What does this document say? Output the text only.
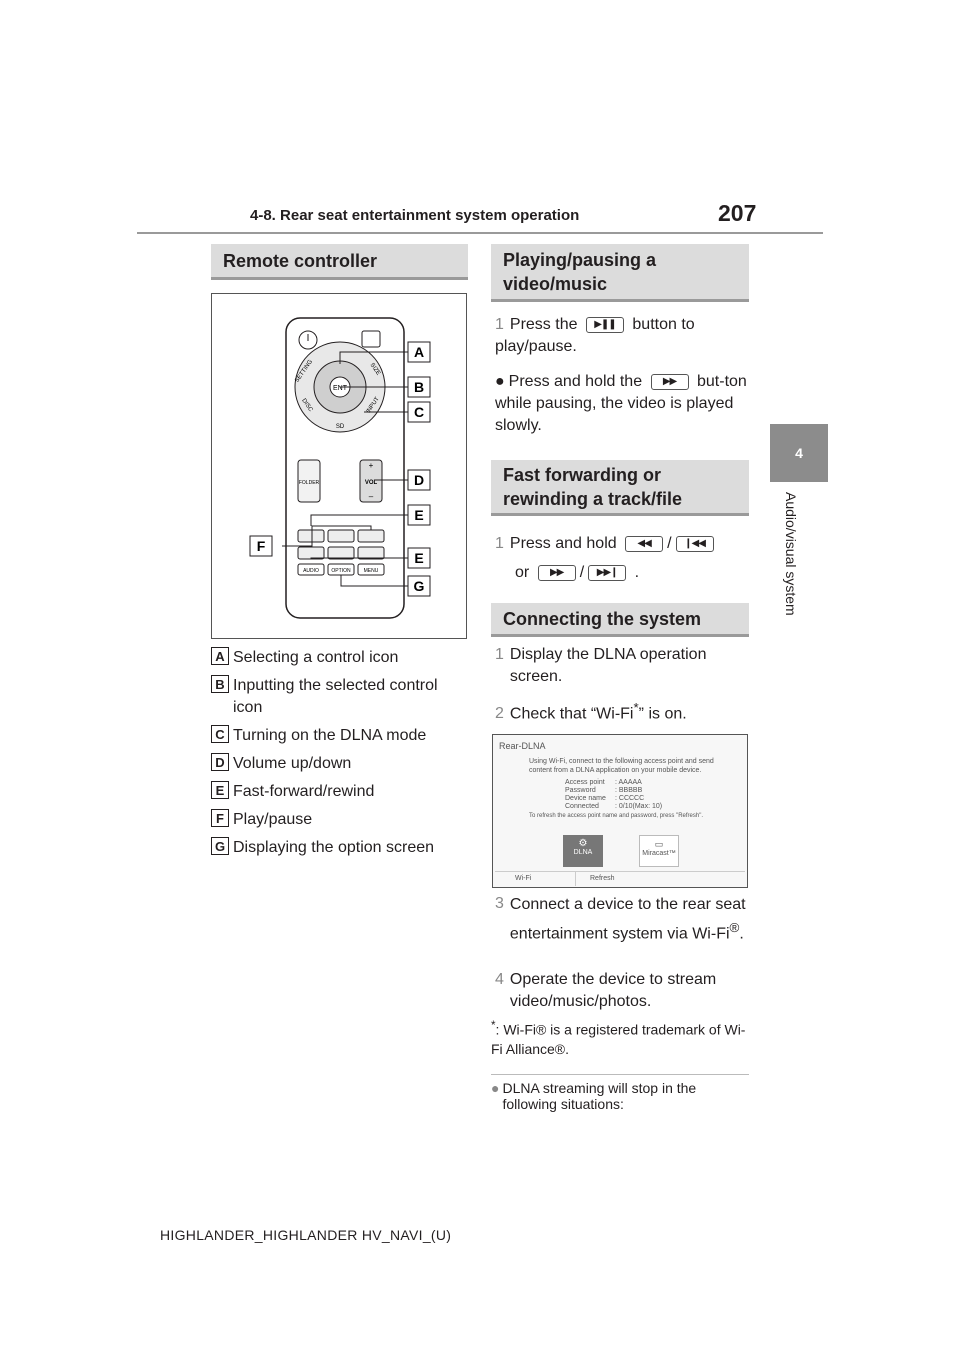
4-8. Rear seat entertainment system operation	207
4
Audio/visual system
Remote controller
ENT
SETTING	SIZE
DISC	INPUT
SD
FOLDER	VOL
+
–
AUDIO OPTION	MENU
A
B
C
D
E
F
E
G
A Selecting a control icon
B Inputting the selected control icon
C Turning on the DLNA mode
D Volume up/down
E Fast-forward/rewind
F Play/pause
G Displaying the option screen
Playing/pausing a video/music
1 Press the ▶❚❚ button to play/pause.
● Press and hold the ▶▶ but-ton while pausing, the video is played slowly.
Fast forwarding or rewinding a track/file
1 Press and hold ◀◀ / ❙◀◀
or ▶▶ / ▶▶❙ .
Connecting the system
1 Display the DLNA operation screen.
2 Check that “Wi-Fi*” is on.
Rear-DLNA
Using Wi-Fi, connect to the following access point and send content from a DLNA application on your mobile device.
Access point	: AAAAA
Password	: BBBBB
Device name	: CCCCC
Connected	: 0/10(Max: 10)
To refresh the access point name and password, press "Refresh".
⚙
DLNA
▭
Miracast™
Wi-Fi	Refresh
3 Connect a device to the rear seat entertainment system via Wi-Fi®.
4 Operate the device to stream video/music/photos.
*: Wi-Fi® is a registered trademark of Wi-Fi Alliance®.
● DLNA streaming will stop in the following situations:
HIGHLANDER_HIGHLANDER HV_NAVI_(U)
